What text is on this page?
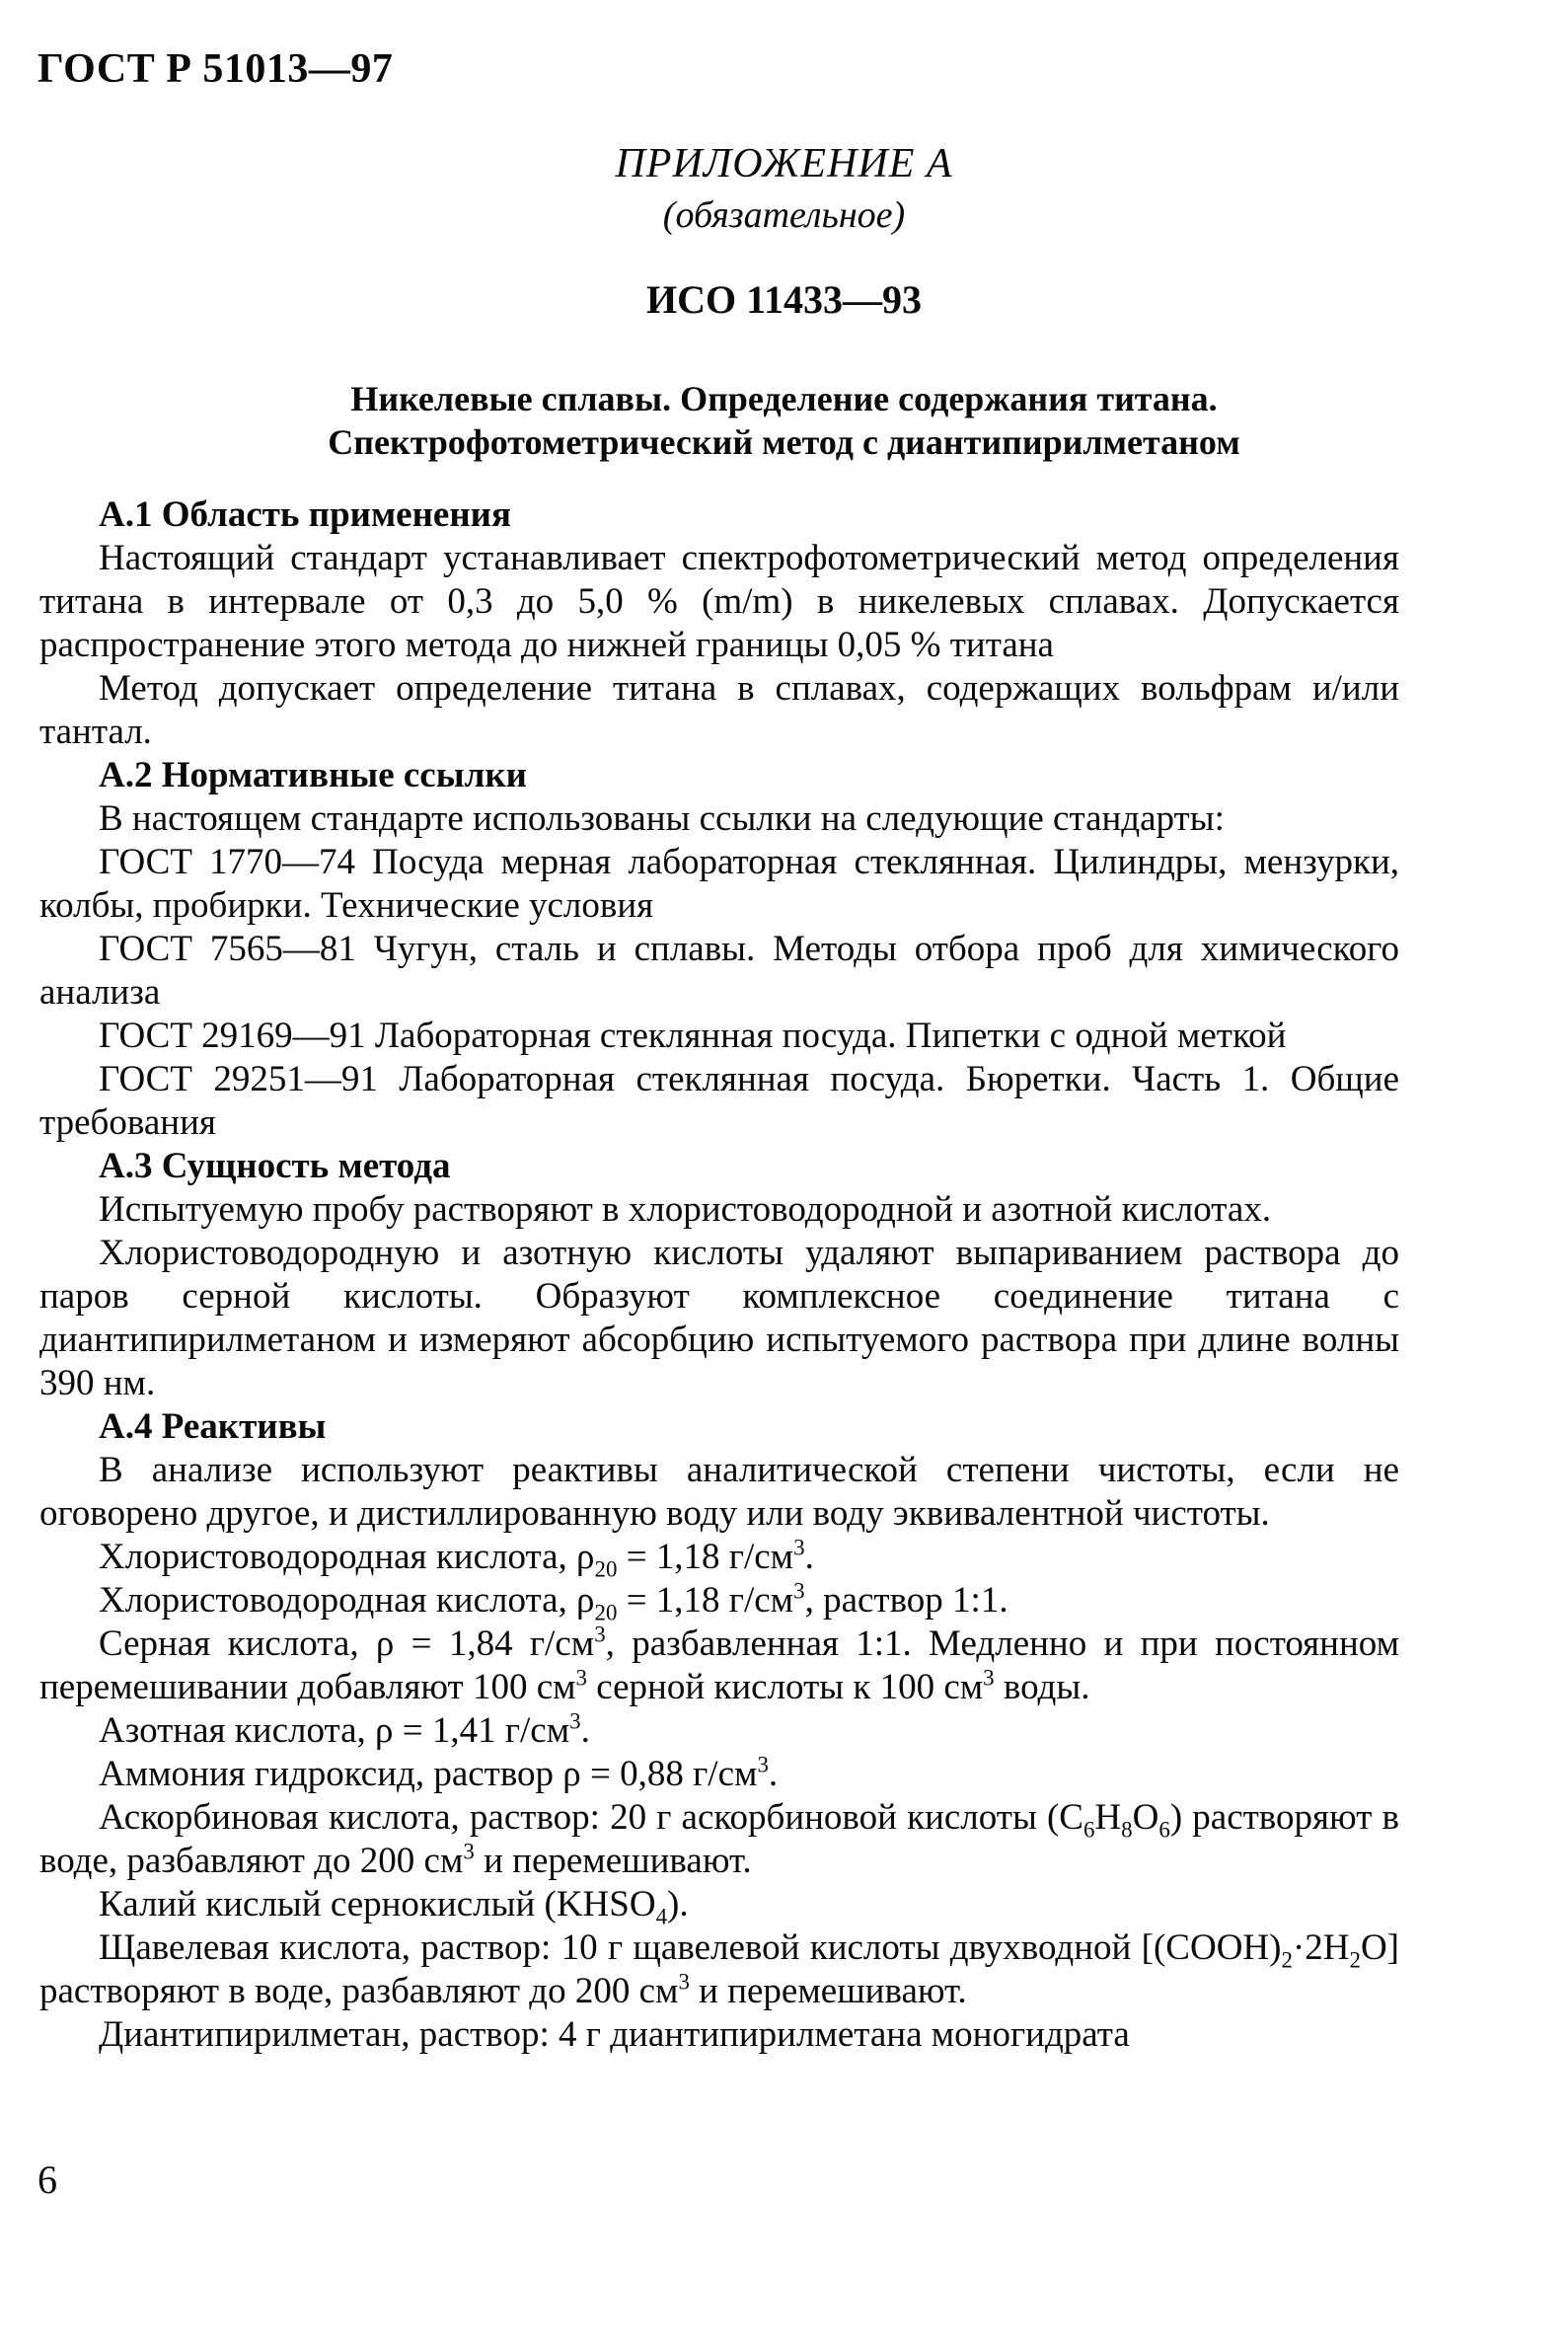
ГОСТ Р 51013—97
ПРИЛОЖЕНИЕ А
(обязательное)
ИСО 11433—93
Никелевые сплавы. Определение содержания титана.
Спектрофотометрический метод с диантипирилметаном

А.1 Область применения

Настоящий стандарт устанавливает спектрофотометрический метод определения титана в интервале от 0,3 до 5,0 % (m/m) в никелевых сплавах. Допускается распространение этого метода до нижней границы 0,05 % титана

Метод допускает определение титана в сплавах, содержащих вольфрам и/или тантал.

А.2 Нормативные ссылки

В настоящем стандарте использованы ссылки на следующие стандарты:

ГОСТ 1770—74 Посуда мерная лабораторная стеклянная. Цилиндры, мензурки, колбы, пробирки. Технические условия

ГОСТ 7565—81 Чугун, сталь и сплавы. Методы отбора проб для химического анализа

ГОСТ 29169—91 Лабораторная стеклянная посуда. Пипетки с одной меткой

ГОСТ 29251—91 Лабораторная стеклянная посуда. Бюретки. Часть 1. Общие требования

А.3 Сущность метода

Испытуемую пробу растворяют в хлористоводородной и азотной кислотах.

Хлористоводородную и азотную кислоты удаляют выпариванием раствора до паров серной кислоты. Образуют комплексное соединение титана с диантипирилметаном и измеряют абсорбцию испытуемого раствора при длине волны 390 нм.

А.4 Реактивы

В анализе используют реактивы аналитической степени чистоты, если не оговорено другое, и дистиллированную воду или воду эквивалентной чистоты.

Хлористоводородная кислота, $\rho_{20} = 1,18$ $г/см^3$.

Хлористоводородная кислота, $\rho_{20} = 1,18$ $г/см^3$, раствор 1:1.

Серная кислота, ρ = 1,84 $г/см^3$, разбавленная 1:1. Медленно и при постоянном перемешивании добавляют 100 $см^3$ серной кислоты к 100 $см^3$ воды.

Азотная кислота, ρ = 1,41 $г/см^3$.

Аммония гидроксид, раствор ρ = 0,88 $г/см^3$.

Аскорбиновая кислота, раствор: 20 г аскорбиновой кислоты $(C_6H_8O_6)$ растворяют в воде, разбавляют до 200 $см^3$ и перемешивают.

Калий кислый сернокислый $(KHSO_4)$.

Щавелевая кислота, раствор: 10 г щавелевой кислоты двухводной $[(COOH)_2\cdot 2H_2O]$ растворяют в воде, разбавляют до 200 $см^3$ и перемешивают.

Диантипирилметан, раствор: 4 г диантипирилметана моногидрата

6
